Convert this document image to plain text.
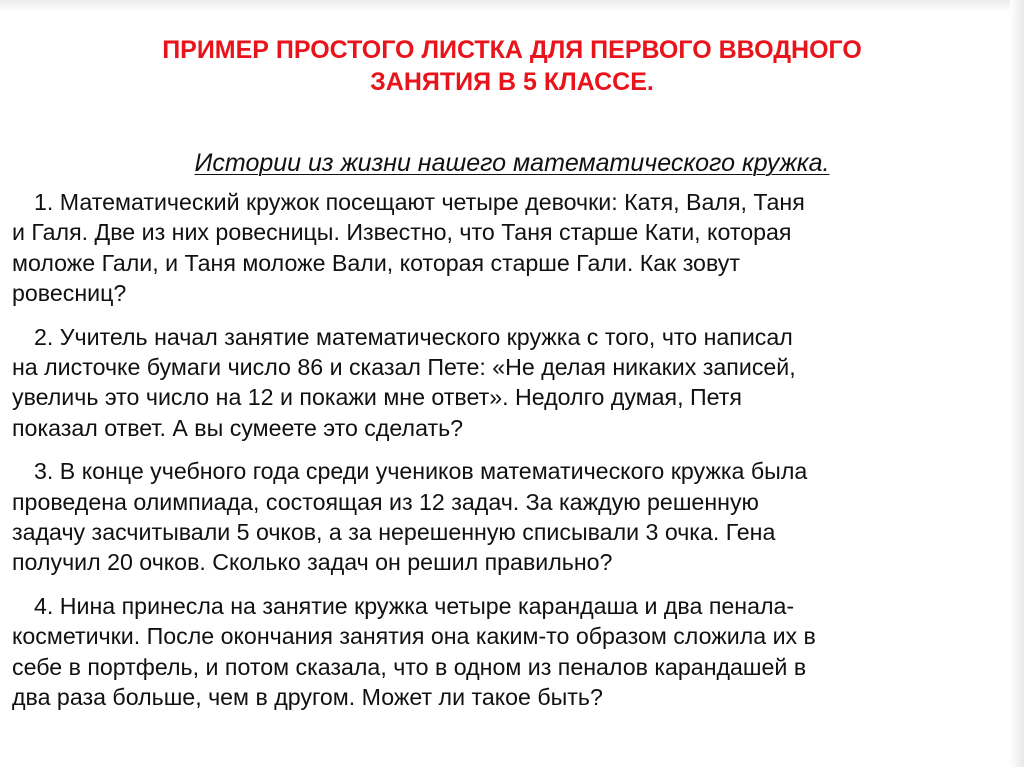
ПРИМЕР ПРОСТОГО ЛИСТКА ДЛЯ ПЕРВОГО ВВОДНОГО
ЗАНЯТИЯ В 5 КЛАССЕ.
Истории из жизни нашего математического кружка.
1. Математический кружок посещают четыре девочки: Катя, Валя, Таня
и Галя. Две из них ровесницы. Известно, что Таня старше Кати, которая
моложе Гали, и Таня моложе Вали, которая старше Гали. Как зовут
ровесниц?
2. Учитель начал занятие математического кружка с того, что написал
на листочке бумаги число 86 и сказал Пете: «Не делая никаких записей,
увеличь это число на 12 и покажи мне ответ». Недолго думая, Петя
показал ответ. А вы сумеете это сделать?
3. В конце учебного года среди учеников математического кружка была
проведена олимпиада, состоящая из 12 задач. За каждую решенную
задачу засчитывали 5 очков, а за нерешенную списывали 3 очка. Гена
получил 20 очков. Сколько задач он решил правильно?
4. Нина принесла на занятие кружка четыре карандаша и два пенала-
косметички. После окончания занятия она каким-то образом сложила их в
себе в портфель, и потом сказала, что в одном из пеналов карандашей в
два раза больше, чем в другом. Может ли такое быть?
